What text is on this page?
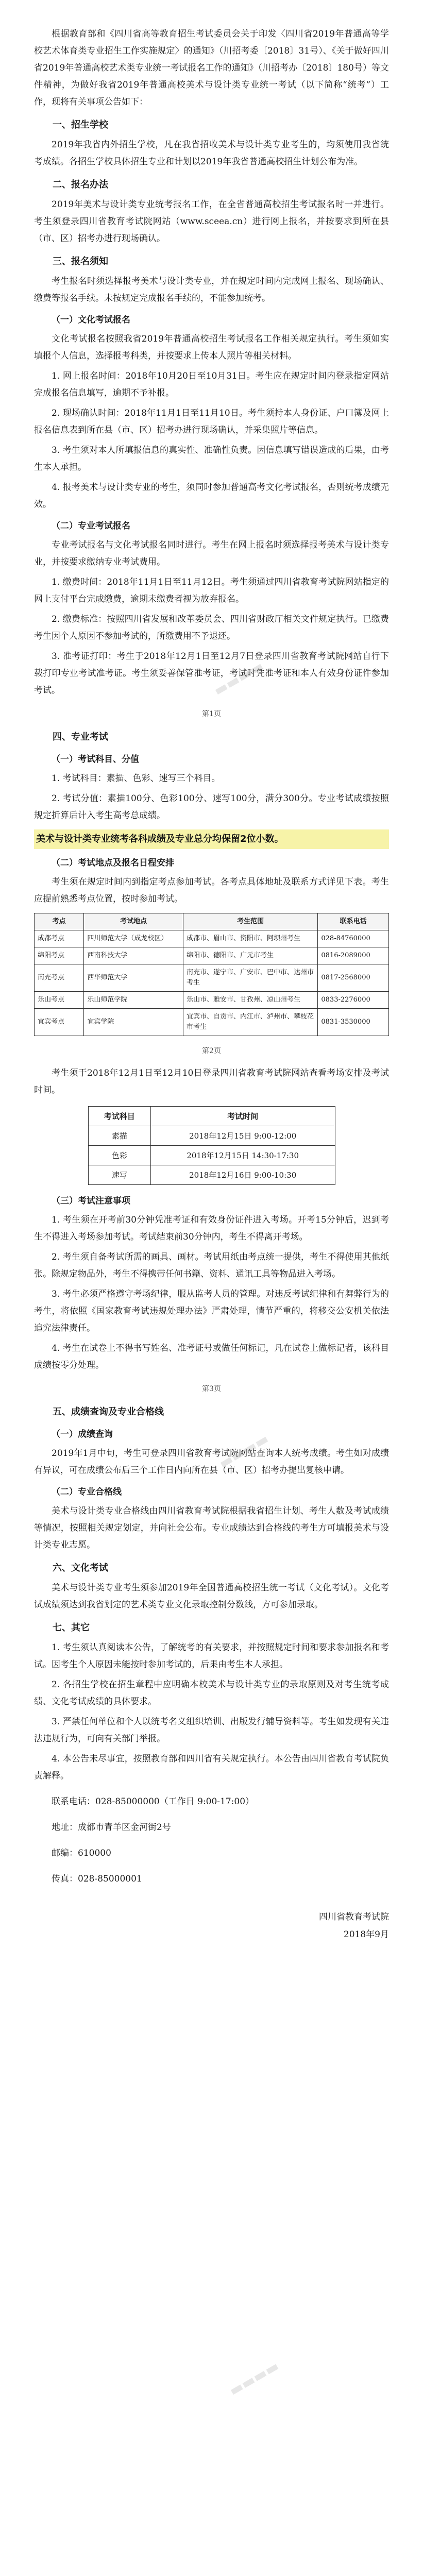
根据教育部和《四川省高等教育招生考试委员会关于印发〈四川省2019年普通高等学校艺术体育类专业招生工作实施规定〉的通知》（川招考委〔2018〕31号）、《关于做好四川省2019年普通高校艺术类专业统一考试报名工作的通知》（川招考办〔2018〕180号）等文件精神，为做好我省2019年普通高校美术与设计类专业统一考试（以下简称“统考”）工作，现将有关事项公告如下：

一、招生学校

2019年我省内外招生学校，凡在我省招收美术与设计类专业考生的，均须使用我省统考成绩。各招生学校具体招生专业和计划以2019年我省普通高校招生计划公布为准。

二、报名办法

2019年美术与设计类专业统考报名工作，在全省普通高校招生考试报名时一并进行。考生须登录四川省教育考试院网站（www.sceea.cn）进行网上报名，并按要求到所在县（市、区）招考办进行现场确认。

三、报名须知

考生报名时须选择报考美术与设计类专业，并在规定时间内完成网上报名、现场确认、缴费等报名手续。未按规定完成报名手续的，不能参加统考。

（一）文化考试报名

文化考试报名按照我省2019年普通高校招生考试报名工作相关规定执行。考生须如实填报个人信息，选择报考科类，并按要求上传本人照片等相关材料。

1. 网上报名时间：2018年10月20日至10月31日。考生应在规定时间内登录指定网站完成报名信息填写，逾期不予补报。

2. 现场确认时间：2018年11月1日至11月10日。考生须持本人身份证、户口簿及网上报名信息表到所在县（市、区）招考办进行现场确认，并采集照片等信息。

3. 考生须对本人所填报信息的真实性、准确性负责。因信息填写错误造成的后果，由考生本人承担。

4. 报考美术与设计类专业的考生，须同时参加普通高考文化考试报名，否则统考成绩无效。

（二）专业考试报名

专业考试报名与文化考试报名同时进行。考生在网上报名时须选择报考美术与设计类专业，并按要求缴纳专业考试费用。

1. 缴费时间：2018年11月1日至11月12日。考生须通过四川省教育考试院网站指定的网上支付平台完成缴费，逾期未缴费者视为放弃报名。

2. 缴费标准：按照四川省发展和改革委员会、四川省财政厅相关文件规定执行。已缴费考生因个人原因不参加考试的，所缴费用不予退还。

3. 准考证打印：考生于2018年12月1日至12月7日登录四川省教育考试院网站自行下载打印专业考试准考证。考生须妥善保管准考证，考试时凭准考证和本人有效身份证件参加考试。

第1页
四、专业考试
（一）考试科目、分值

1. 考试科目：素描、色彩、速写三个科目。

2. 考试分值：素描100分、色彩100分、速写100分，满分300分。专业考试成绩按照规定折算后计入考生高考总成绩。

美术与设计类专业统考各科成绩及专业总分均保留2位小数。
（二）考试地点及报名日程安排

考生须在规定时间内到指定考点参加考试。各考点具体地址及联系方式详见下表。考生应提前熟悉考点位置，按时参加考试。

考点	考试地点	考生范围	联系电话
成都考点	四川师范大学（成龙校区）	成都市、眉山市、资阳市、阿坝州考生	028-84760000
绵阳考点	西南科技大学	绵阳市、德阳市、广元市考生	0816-2089000
南充考点	西华师范大学	南充市、遂宁市、广安市、巴中市、达州市考生	0817-2568000
乐山考点	乐山师范学院	乐山市、雅安市、甘孜州、凉山州考生	0833-2276000
宜宾考点	宜宾学院	宜宾市、自贡市、内江市、泸州市、攀枝花市考生	0831-3530000
第2页

考生须于2018年12月1日至12月10日登录四川省教育考试院网站查看考场安排及考试时间。

考试科目	考试时间
素描	2018年12月15日 9:00-12:00
色彩	2018年12月15日 14:30-17:30
速写	2018年12月16日 9:00-10:30
（三）考试注意事项

1. 考生须在开考前30分钟凭准考证和有效身份证件进入考场。开考15分钟后，迟到考生不得进入考场参加考试。考试结束前30分钟内，考生不得离开考场。

2. 考生须自备考试所需的画具、画材。考试用纸由考点统一提供，考生不得使用其他纸张。除规定物品外，考生不得携带任何书籍、资料、通讯工具等物品进入考场。

3. 考生必须严格遵守考场纪律，服从监考人员的管理。对违反考试纪律和有舞弊行为的考生，将依照《国家教育考试违规处理办法》严肃处理，情节严重的，将移交公安机关依法追究法律责任。

4. 考生在试卷上不得书写姓名、准考证号或做任何标记，凡在试卷上做标记者，该科目成绩按零分处理。

第3页
五、成绩查询及专业合格线
（一）成绩查询

2019年1月中旬，考生可登录四川省教育考试院网站查询本人统考成绩。考生如对成绩有异议，可在成绩公布后三个工作日内向所在县（市、区）招考办提出复核申请。

（二）专业合格线

美术与设计类专业合格线由四川省教育考试院根据我省招生计划、考生人数及考试成绩等情况，按照相关规定划定，并向社会公布。专业成绩达到合格线的考生方可填报美术与设计类专业志愿。

六、文化考试

美术与设计类专业考生须参加2019年全国普通高校招生统一考试（文化考试）。文化考试成绩须达到我省划定的艺术类专业文化录取控制分数线，方可参加录取。

七、其它

1. 考生须认真阅读本公告，了解统考的有关要求，并按照规定时间和要求参加报名和考试。因考生个人原因未能按时参加考试的，后果由考生本人承担。

2. 各招生学校在招生章程中应明确本校美术与设计类专业的录取原则及对考生统考成绩、文化考试成绩的具体要求。

3. 严禁任何单位和个人以统考名义组织培训、出版发行辅导资料等。考生如发现有关违法违规行为，可向有关部门举报。

4. 本公告未尽事宜，按照教育部和四川省有关规定执行。本公告由四川省教育考试院负责解释。

联系电话：028-85000000（工作日 9:00-17:00）

地址：成都市青羊区金河街2号

邮编：610000

传真：028-85000001

四川省教育考试院

2018年9月

▬▬▬▬
▬▬▬▬
▬▬▬▬
